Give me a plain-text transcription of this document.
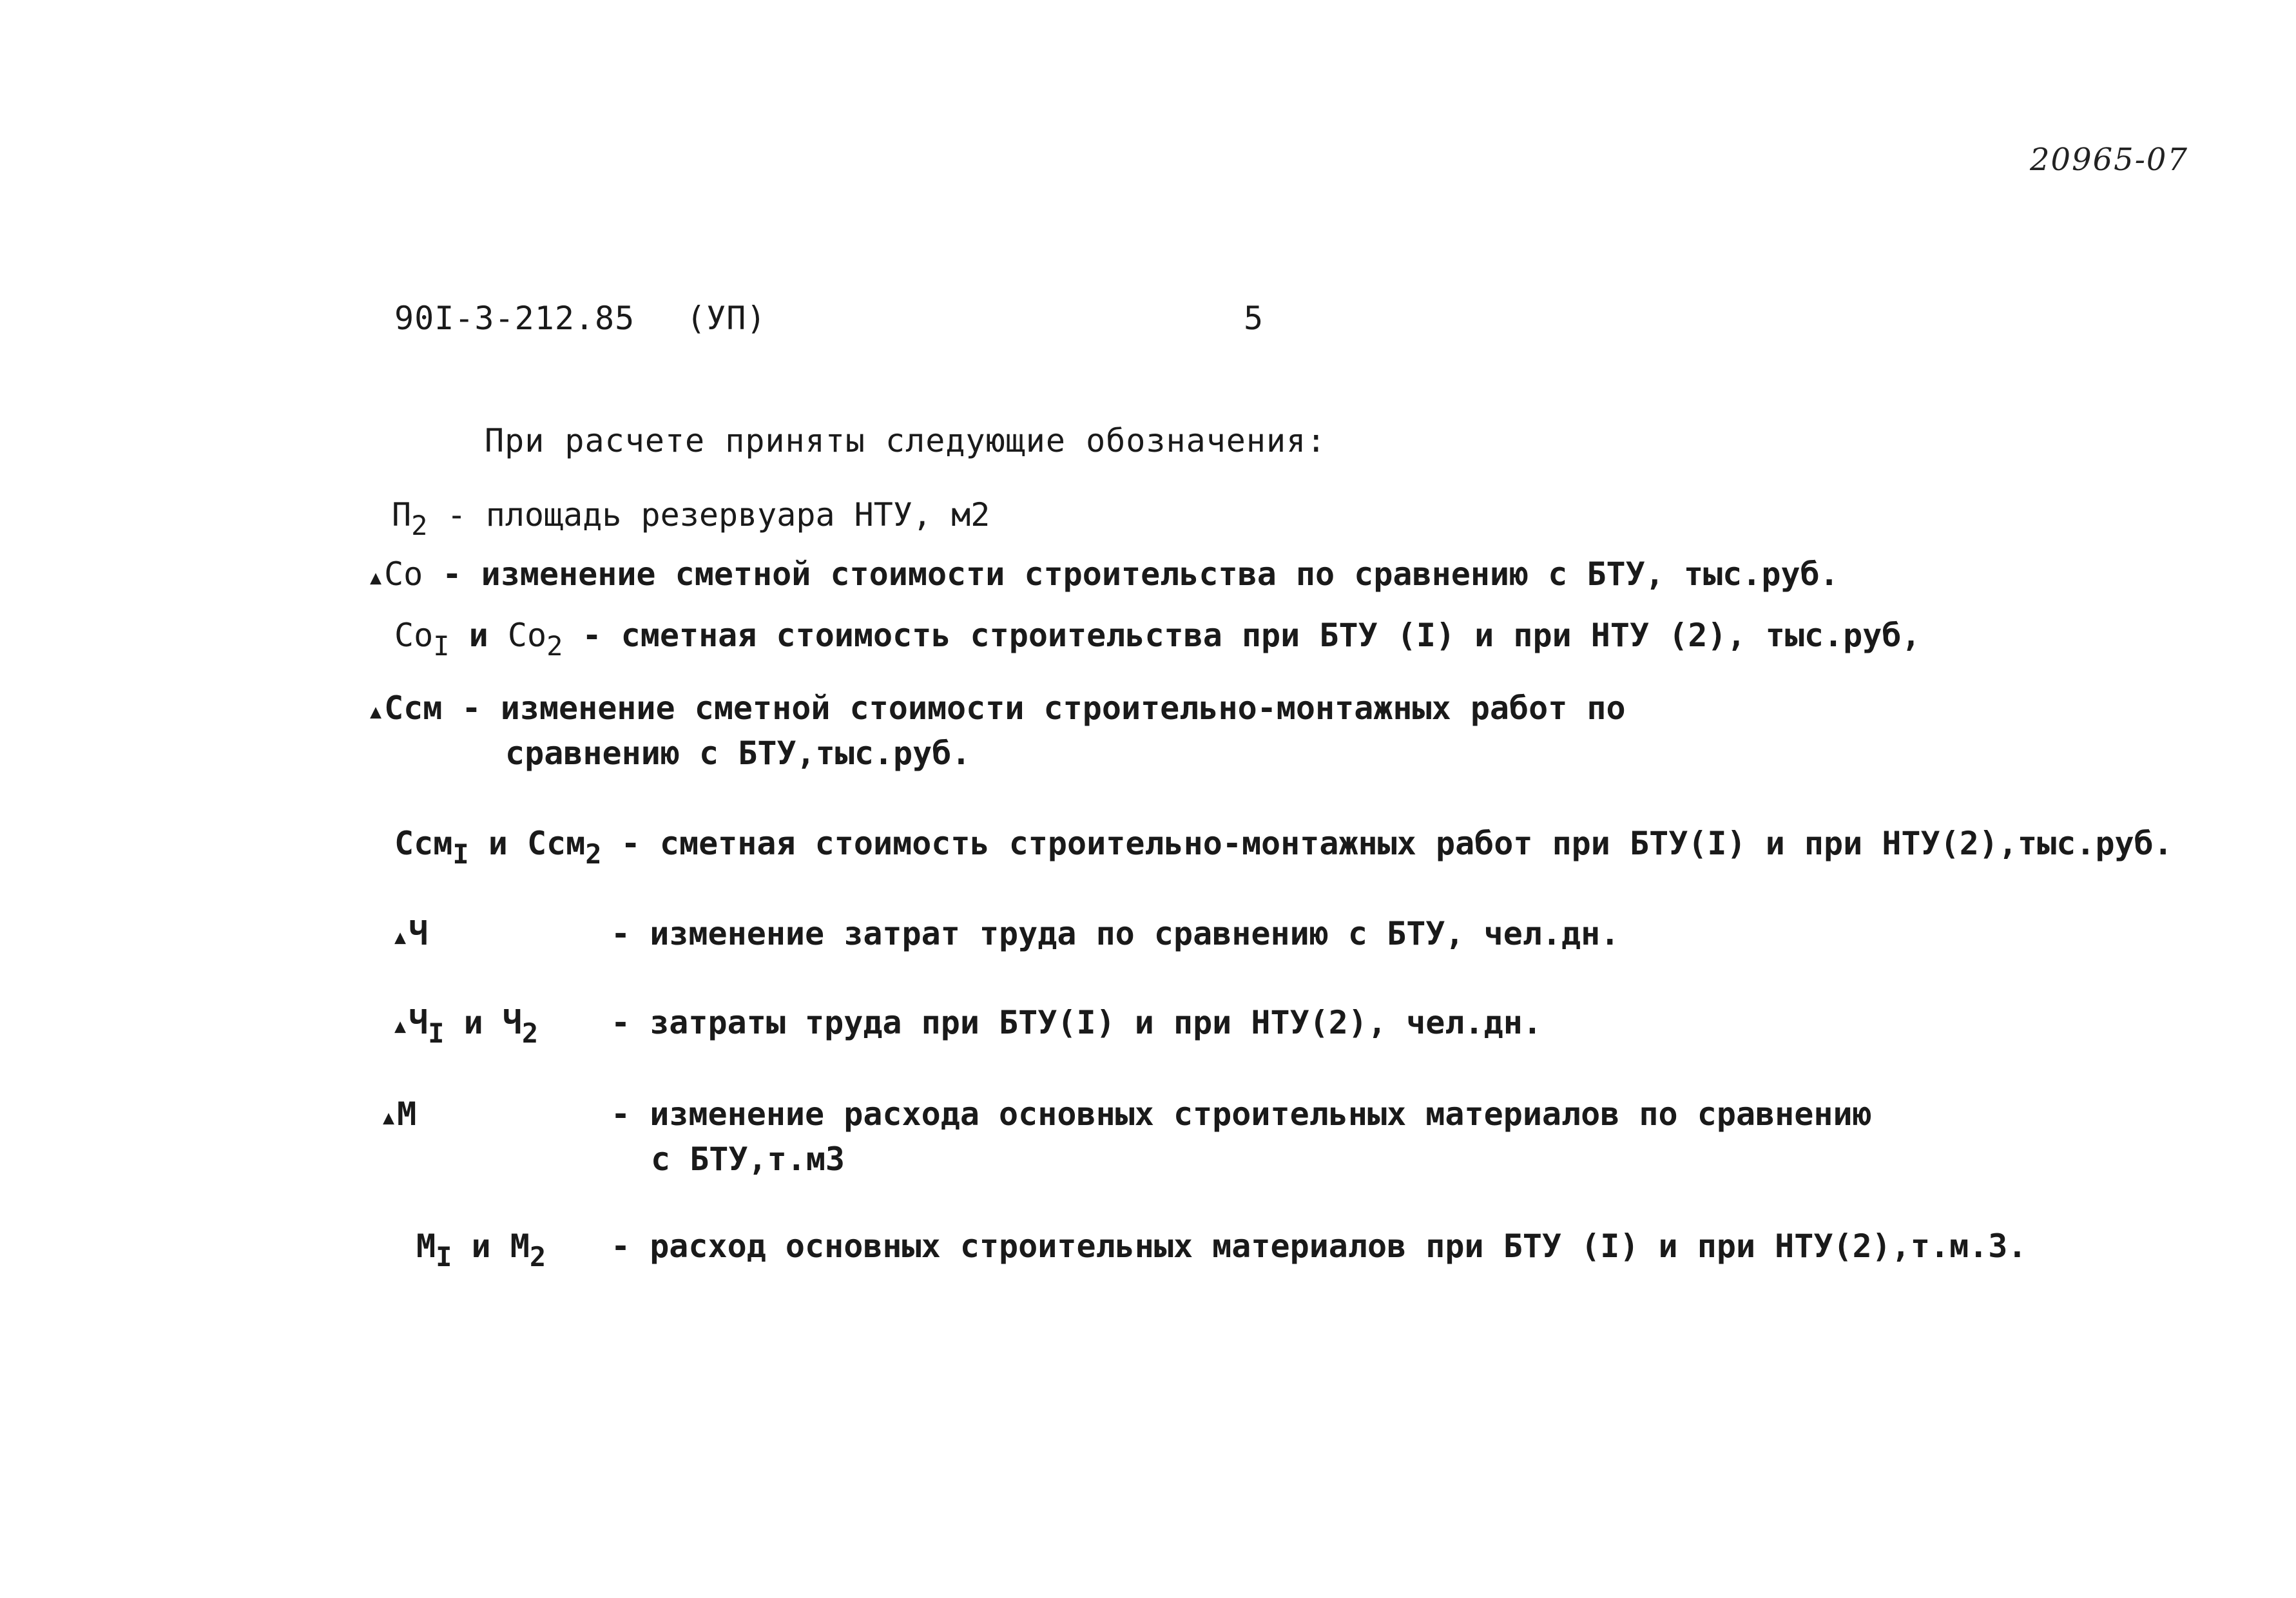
20965-07
90I-3-212.85 (УП)	5
При расчете приняты следующие обозначения:
$П_2$ - площадь резервуара НТУ, м2
▲Со - изменение сметной стоимости строительства по сравнению с БТУ, тыс.руб.
$Со_I$ и $Со_2$ - сметная стоимость строительства при БТУ (I) и при НТУ (2), тыс.руб,
▲Ссм - изменение сметной стоимости строительно-монтажных работ по
сравнению с БТУ,тыс.руб.
Ссм$_I$ и Ссм$_2$ - сметная стоимость строительно-монтажных работ при БТУ(I) и при НТУ(2),тыс.руб.
▲Ч	- изменение затрат труда по сравнению с БТУ, чел.дн.
$▲Ч_I$ и $Ч_2$ - затраты труда при БТУ(I) и при НТУ(2), чел.дн.
▲М	- изменение расхода основных строительных материалов по сравнению
с БТУ,т.м3
$М_I$ и $М_2$ - расход основных строительных материалов при БТУ (I) и при НТУ(2),т.м.3.
